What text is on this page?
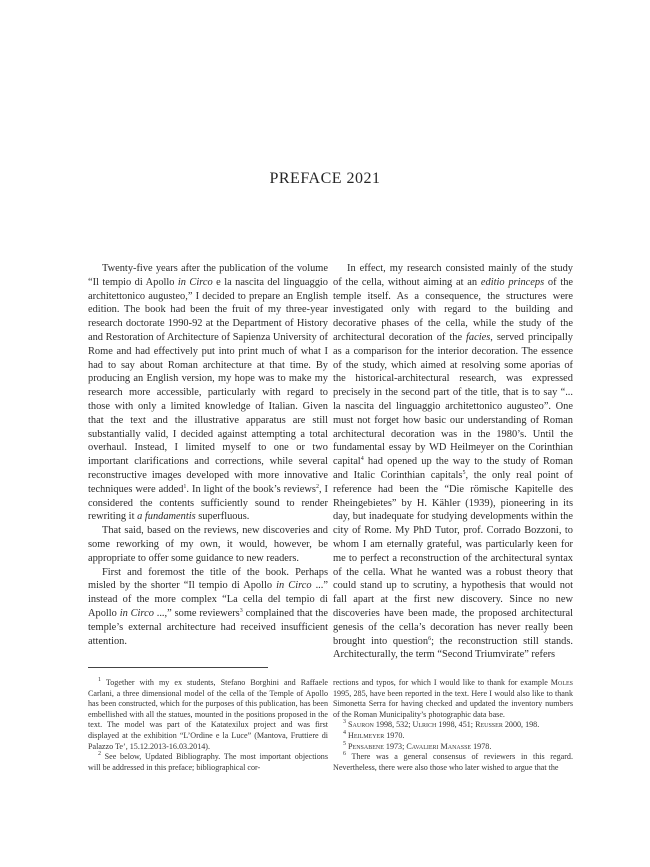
PREFACE 2021

Twenty-five years after the publication of the volume “Il tempio di Apollo in Circo e la nascita del linguaggio architettonico augusteo,” I decided to prepare an English edition. The book had been the fruit of my three-year research doctorate 1990-92 at the Department of History and Restoration of Architecture of Sapienza University of Rome and had effectively put into print much of what I had to say about Roman architecture at that time. By producing an English version, my hope was to make my research more accessible, particularly with regard to those with only a limited knowledge of Italian. Given that the text and the illustrative apparatus are still substantially valid, I decided against attempting a total overhaul. Instead, I limited myself to one or two important clarifications and corrections, while several reconstructive images developed with more innovative techniques were added$^1$. In light of the book’s reviews$^2$, I considered the contents sufficiently sound to render rewriting it a fundamentis superfluous.

That said, based on the reviews, new discoveries and some reworking of my own, it would, however, be appropriate to offer some guidance to new readers.

First and foremost the title of the book. Perhaps misled by the shorter “Il tempio di Apollo in Circo ...” instead of the more complex “La cella del tempio di Apollo in Circo ...,” some reviewers$^3$ complained that the temple’s external architecture had received insufficient attention.

In effect, my research consisted mainly of the study of the cella, without aiming at an editio princeps of the temple itself. As a consequence, the structures were investigated only with regard to the building and decorative phases of the cella, while the study of the architectural decoration of the facies, served principally as a comparison for the interior decoration. The essence of the study, which aimed at resolving some aporias of the historical-architectural research, was expressed precisely in the second part of the title, that is to say “... la nascita del linguaggio architettonico augusteo”. One must not forget how basic our understanding of Roman architectural decoration was in the 1980’s. Until the fundamental essay by WD Heilmeyer on the Corinthian capital$^4$ had opened up the way to the study of Roman and Italic Corinthian capitals$^5$, the only real point of reference had been the “Die römische Kapitelle des Rheingebietes” by H. Kähler (1939), pioneering in its day, but inadequate for studying developments within the city of Rome. My PhD Tutor, prof. Corrado Bozzoni, to whom I am eternally grateful, was particularly keen for me to perfect a reconstruction of the architectural syntax of the cella. What he wanted was a robust theory that could stand up to scrutiny, a hypothesis that would not fall apart at the first new discovery. Since no new discoveries have been made, the proposed architectural genesis of the cella’s decoration has never really been brought into question$^6$; the reconstruction still stands. Architecturally, the term “Second Triumvirate” refers

$^1$ Together with my ex students, Stefano Borghini and Raffaele Carlani, a three dimensional model of the cella of the Temple of Apollo has been constructed, which for the purposes of this publication, has been embellished with all the statues, mounted in the positions proposed in the text. The model was part of the Katatexilux project and was first displayed at the exhibition “L’Ordine e la Luce” (Mantova, Fruttiere di Palazzo Te’, 15.12.2013-16.03.2014).

$^2$ See below, Updated Bibliography. The most important objections will be addressed in this preface; bibliographical cor-

rections and typos, for which I would like to thank for example Moles 1995, 285, have been reported in the text. Here I would also like to thank Simonetta Serra for having checked and updated the inventory numbers of the Roman Municipality’s photographic data base.

$^3$ Sauron 1998, 532; Ulrich 1998, 451; Reusser 2000, 198.

$^4$ Heilmeyer 1970.

$^5$ Pensabene 1973; Cavalieri Manasse 1978.

$^6$ There was a general consensus of reviewers in this regard. Nevertheless, there were also those who later wished to argue that the
